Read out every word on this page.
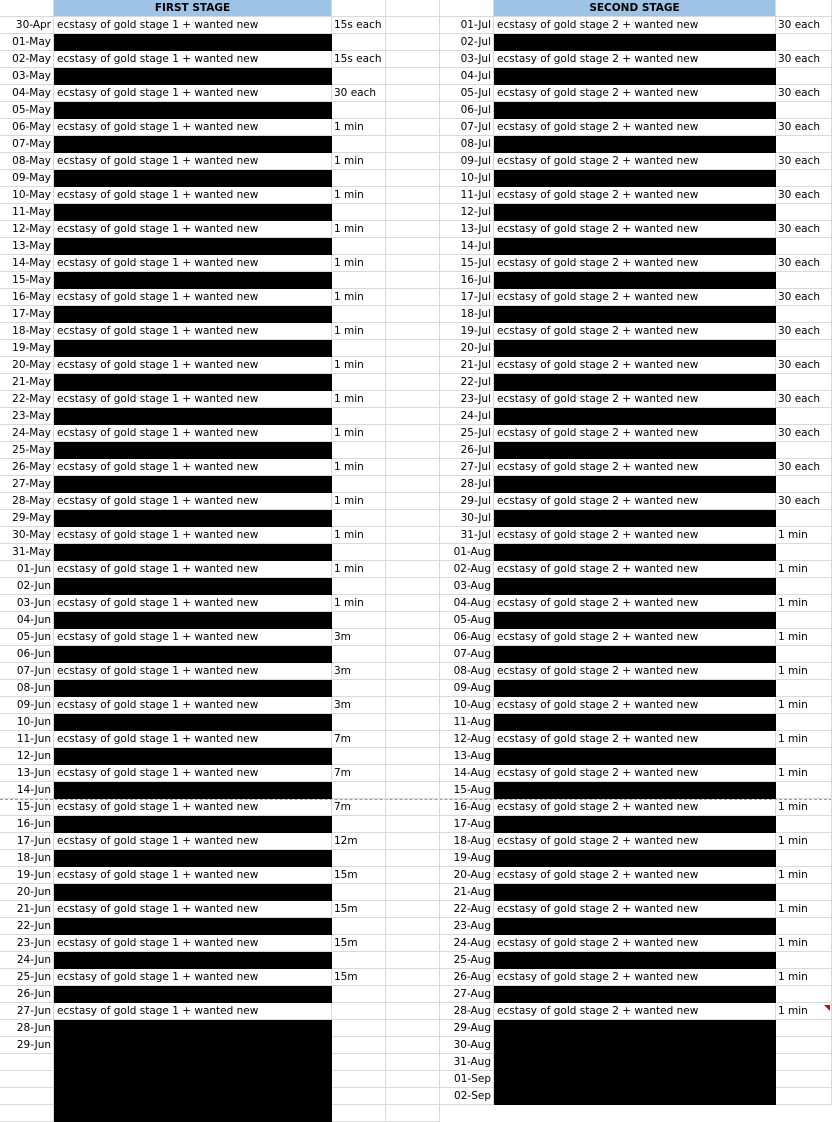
FIRST STAGE	SECOND STAGE
30-Apr ecstasy of gold stage 1 + wanted new	15s each
01-May
02-May ecstasy of gold stage 1 + wanted new	15s each
03-May
04-May ecstasy of gold stage 1 + wanted new	30 each
05-May
06-May ecstasy of gold stage 1 + wanted new	1 min
07-May
08-May ecstasy of gold stage 1 + wanted new	1 min
09-May
10-May ecstasy of gold stage 1 + wanted new	1 min
11-May
12-May ecstasy of gold stage 1 + wanted new	1 min
13-May
14-May ecstasy of gold stage 1 + wanted new	1 min
15-May
16-May ecstasy of gold stage 1 + wanted new	1 min
17-May
18-May ecstasy of gold stage 1 + wanted new	1 min
19-May
20-May ecstasy of gold stage 1 + wanted new	1 min
21-May
22-May ecstasy of gold stage 1 + wanted new	1 min
23-May
24-May ecstasy of gold stage 1 + wanted new	1 min
25-May
26-May ecstasy of gold stage 1 + wanted new	1 min
27-May
28-May ecstasy of gold stage 1 + wanted new	1 min
29-May
30-May ecstasy of gold stage 1 + wanted new	1 min
31-May
01-Jun ecstasy of gold stage 1 + wanted new	1 min
02-Jun
03-Jun ecstasy of gold stage 1 + wanted new	1 min
04-Jun
05-Jun ecstasy of gold stage 1 + wanted new	3m
06-Jun
07-Jun ecstasy of gold stage 1 + wanted new	3m
08-Jun
09-Jun ecstasy of gold stage 1 + wanted new	3m
10-Jun
11-Jun ecstasy of gold stage 1 + wanted new	7m
12-Jun
13-Jun ecstasy of gold stage 1 + wanted new	7m
14-Jun
15-Jun ecstasy of gold stage 1 + wanted new	7m
16-Jun
17-Jun ecstasy of gold stage 1 + wanted new	12m
18-Jun
19-Jun ecstasy of gold stage 1 + wanted new	15m
20-Jun
21-Jun ecstasy of gold stage 1 + wanted new	15m
22-Jun
23-Jun ecstasy of gold stage 1 + wanted new	15m
24-Jun
25-Jun ecstasy of gold stage 1 + wanted new	15m
26-Jun
27-Jun ecstasy of gold stage 1 + wanted new
28-Jun
29-Jun
01-Jul ecstasy of gold stage 2 + wanted new	30 each
02-Jul
03-Jul ecstasy of gold stage 2 + wanted new	30 each
04-Jul
05-Jul ecstasy of gold stage 2 + wanted new	30 each
06-Jul
07-Jul ecstasy of gold stage 2 + wanted new	30 each
08-Jul
09-Jul ecstasy of gold stage 2 + wanted new	30 each
10-Jul
11-Jul ecstasy of gold stage 2 + wanted new	30 each
12-Jul
13-Jul ecstasy of gold stage 2 + wanted new	30 each
14-Jul
15-Jul ecstasy of gold stage 2 + wanted new	30 each
16-Jul
17-Jul ecstasy of gold stage 2 + wanted new	30 each
18-Jul
19-Jul ecstasy of gold stage 2 + wanted new	30 each
20-Jul
21-Jul ecstasy of gold stage 2 + wanted new	30 each
22-Jul
23-Jul ecstasy of gold stage 2 + wanted new	30 each
24-Jul
25-Jul ecstasy of gold stage 2 + wanted new	30 each
26-Jul
27-Jul ecstasy of gold stage 2 + wanted new	30 each
28-Jul
29-Jul ecstasy of gold stage 2 + wanted new	30 each
30-Jul
31-Jul ecstasy of gold stage 2 + wanted new	1 min
01-Aug
02-Aug ecstasy of gold stage 2 + wanted new	1 min
03-Aug
04-Aug ecstasy of gold stage 2 + wanted new	1 min
05-Aug
06-Aug ecstasy of gold stage 2 + wanted new	1 min
07-Aug
08-Aug ecstasy of gold stage 2 + wanted new	1 min
09-Aug
10-Aug ecstasy of gold stage 2 + wanted new	1 min
11-Aug
12-Aug ecstasy of gold stage 2 + wanted new	1 min
13-Aug
14-Aug ecstasy of gold stage 2 + wanted new	1 min
15-Aug
16-Aug ecstasy of gold stage 2 + wanted new	1 min
17-Aug
18-Aug ecstasy of gold stage 2 + wanted new	1 min
19-Aug
20-Aug ecstasy of gold stage 2 + wanted new	1 min
21-Aug
22-Aug ecstasy of gold stage 2 + wanted new	1 min
23-Aug
24-Aug ecstasy of gold stage 2 + wanted new	1 min
25-Aug
26-Aug ecstasy of gold stage 2 + wanted new	1 min
27-Aug
28-Aug ecstasy of gold stage 2 + wanted new	1 min
29-Aug
30-Aug
31-Aug
01-Sep
02-Sep
